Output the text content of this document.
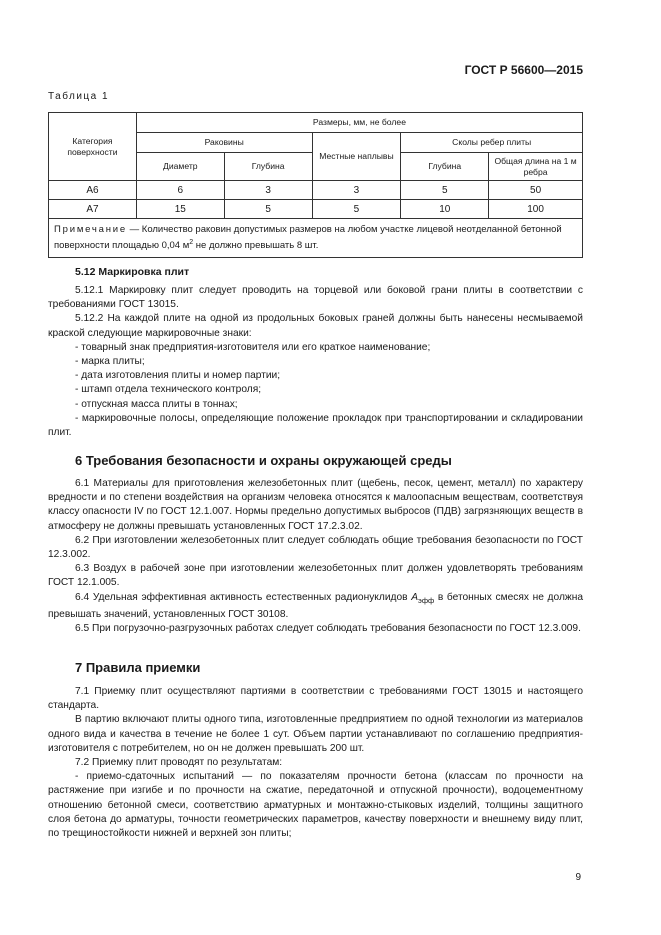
ГОСТ Р 56600—2015
Таблица 1
Категория поверхности	Размеры, мм, не более				
	Раковины		Местные наплывы	Сколы ребер плиты	
	Диаметр	Глубина		Глубина	Общая длина на 1 м ребра
А6	6	3	3	5	50
А7	15	5	5	10	100
Примечание — Количество раковин допустимых размеров на любом участке лицевой неотделанной бетонной поверхности площадью 0,04 $м^2$ не должно превышать 8 шт.					
5.12 Маркировка плит

5.12.1 Маркировку плит следует проводить на торцевой или боковой грани плиты в соответствии с требованиями ГОСТ 13015.

5.12.2 На каждой плите на одной из продольных боковых граней должны быть нанесены несмываемой краской следующие маркировочные знаки:

- товарный знак предприятия-изготовителя или его краткое наименование;

- марка плиты;

- дата изготовления плиты и номер партии;

- штамп отдела технического контроля;

- отпускная масса плиты в тоннах;

- маркировочные полосы, определяющие положение прокладок при транспортировании и складировании плит.

6 Требования безопасности и охраны окружающей среды

6.1 Материалы для приготовления железобетонных плит (щебень, песок, цемент, металл) по характеру вредности и по степени воздействия на организм человека относятся к малоопасным веществам, соответствуя классу опасности IV по ГОСТ 12.1.007. Нормы предельно допустимых выбросов (ПДВ) загрязняющих веществ в атмосферу не должны превышать установленных ГОСТ 17.2.3.02.

6.2 При изготовлении железобетонных плит следует соблюдать общие требования безопасности по ГОСТ 12.3.002.

6.3 Воздух в рабочей зоне при изготовлении железобетонных плит должен удовлетворять требованиям ГОСТ 12.1.005.

6.4 Удельная эффективная активность естественных радионуклидов $А_{эфф}$ в бетонных смесях не должна превышать значений, установленных ГОСТ 30108.

6.5 При погрузочно-разгрузочных работах следует соблюдать требования безопасности по ГОСТ 12.3.009.

7 Правила приемки

7.1 Приемку плит осуществляют партиями в соответствии с требованиями ГОСТ 13015 и настоящего стандарта.

В партию включают плиты одного типа, изготовленные предприятием по одной технологии из материалов одного вида и качества в течение не более 1 сут. Объем партии устанавливают по соглашению предприятия-изготовителя с потребителем, но он не должен превышать 200 шт.

7.2 Приемку плит проводят по результатам:

- приемо-сдаточных испытаний — по показателям прочности бетона (классам по прочности на растяжение при изгибе и по прочности на сжатие, передаточной и отпускной прочности), водоцементному отношению бетонной смеси, соответствию арматурных и монтажно-стыковых изделий, толщины защитного слоя бетона до арматуры, точности геометрических параметров, качеству поверхности и внешнему виду плит, по трещиностойкости нижней и верхней зон плиты;

9
